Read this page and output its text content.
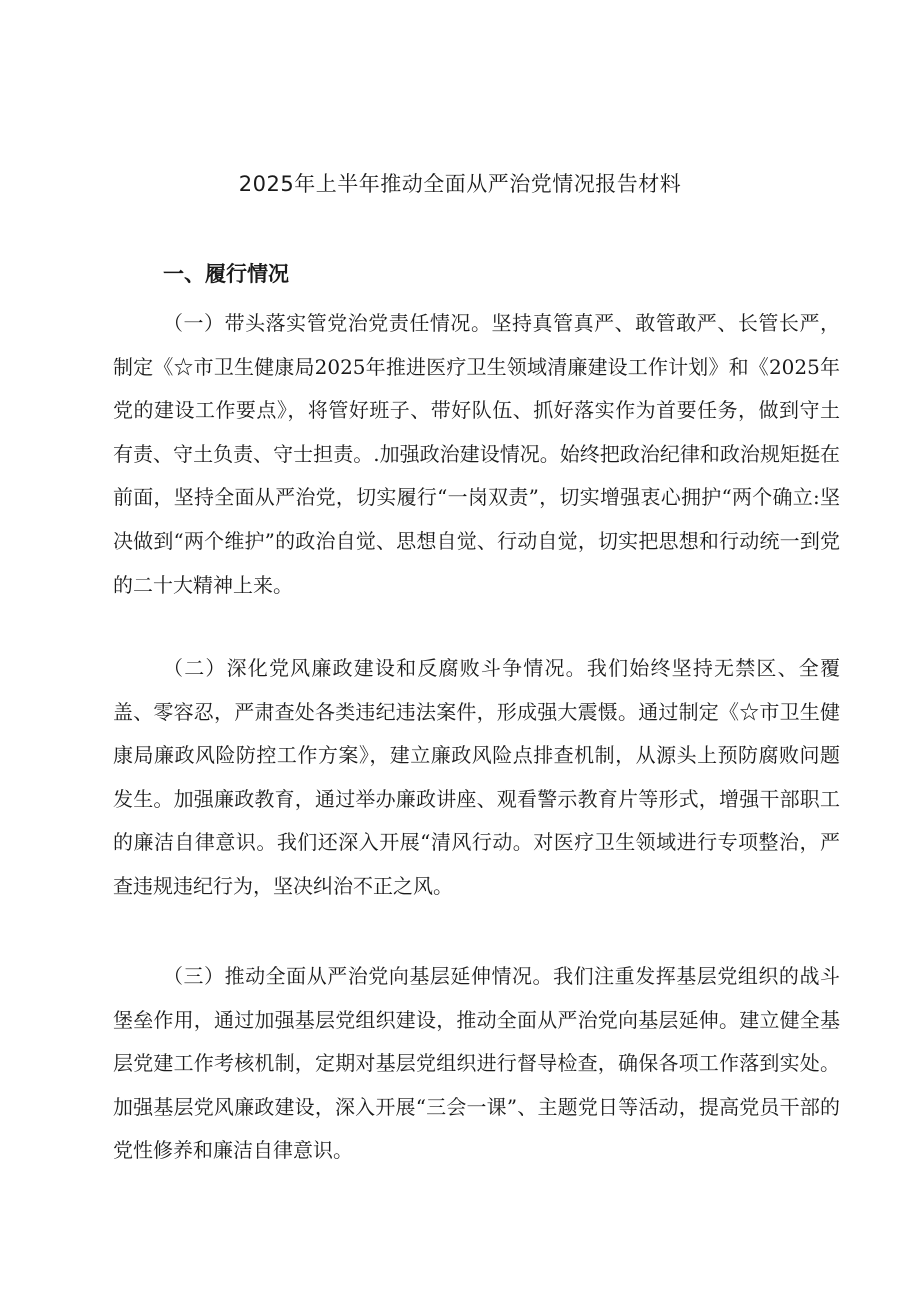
2025年上半年推动全面从严治党情况报告材料
一、履行情况

（一）带头落实管党治党责任情况。坚持真管真严、敢管敢严、长管长严，制定《☆市卫生健康局2025年推进医疗卫生领域清廉建设工作计划》和《2025年党的建设工作要点》，将管好班子、带好队伍、抓好落实作为首要任务，做到守土有责、守土负责、守士担责。.加强政治建设情况。始终把政治纪律和政治规矩挺在前面，坚持全面从严治党，切实履行“一岗双责”，切实增强衷心拥护“两个确立:坚决做到“两个维护”的政治自觉、思想自觉、行动自觉，切实把思想和行动统一到党的二十大精神上来。

（二）深化党风廉政建设和反腐败斗争情况。我们始终坚持无禁区、全覆盖、零容忍，严肃查处各类违纪违法案件，形成强大震慑。通过制定《☆市卫生健康局廉政风险防控工作方案》，建立廉政风险点排查机制，从源头上预防腐败问题发生。加强廉政教育，通过举办廉政讲座、观看警示教育片等形式，增强干部职工的廉洁自律意识。我们还深入开展“清风行动。对医疗卫生领域进行专项整治，严查违规违纪行为，坚决纠治不正之风。

（三）推动全面从严治党向基层延伸情况。我们注重发挥基层党组织的战斗堡垒作用，通过加强基层党组织建设，推动全面从严治党向基层延伸。建立健全基层党建工作考核机制，定期对基层党组织进行督导检查，确保各项工作落到实处。加强基层党风廉政建设，深入开展“三会一课”、主题党日等活动，提高党员干部的党性修养和廉洁自律意识。
